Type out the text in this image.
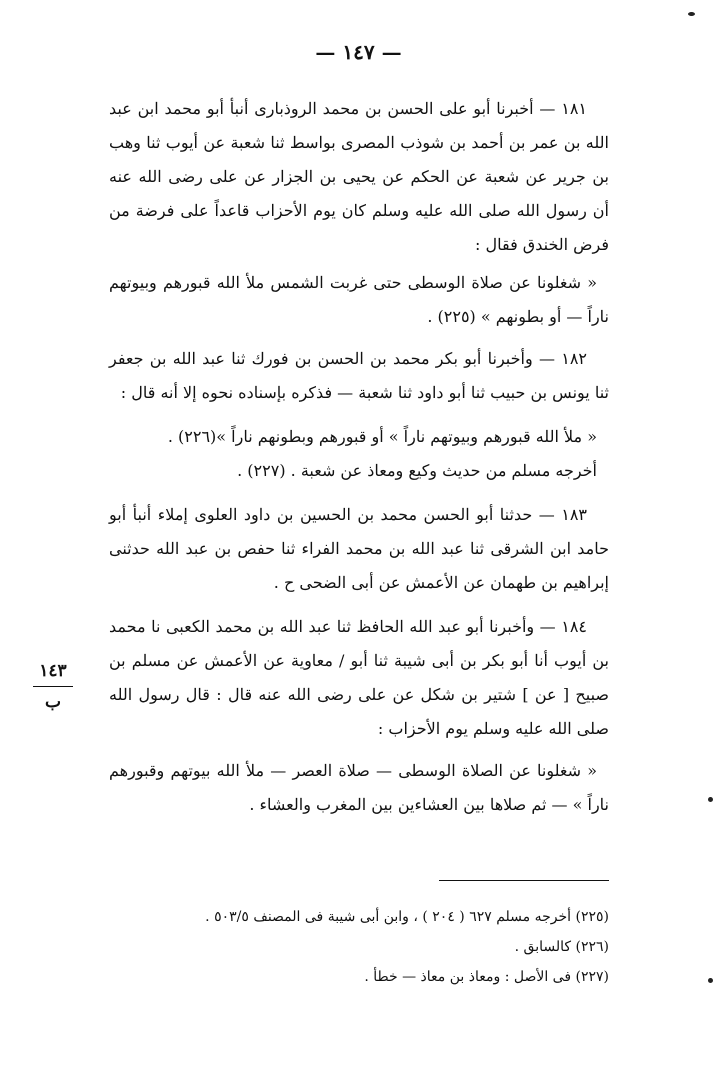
— ١٤٧ —

١٨١ — أخبرنا أبو على الحسن بن محمد الروذبارى أنبأ أبو محمد ابن عبد الله بن عمر بن أحمد بن شوذب المصرى بواسط ثنا شعبة عن أيوب ثنا وهب بن جرير عن شعبة عن الحكم عن يحيى بن الجزار عن على رضى الله عنه أن رسول الله صلى الله عليه وسلم كان يوم الأحزاب قاعداً على فرضة من فرض الخندق فقال :

« شغلونا عن صلاة الوسطى حتى غربت الشمس ملأ الله قبورهم وبيوتهم ناراً — أو بطونهم » (٢٢٥) .

١٨٢ — وأخبرنا أبو بكر محمد بن الحسن بن فورك ثنا عبد الله بن جعفر ثنا يونس بن حبيب ثنا أبو داود ثنا شعبة — فذكره بإسناده نحوه إلا أنه قال :

« ملأ الله قبورهم وبيوتهم ناراً » أو قبورهم وبطونهم ناراً »(٢٢٦) .

أخرجه مسلم من حديث وكيع ومعاذ عن شعبة . (٢٢٧) .

١٨٣ — حدثنا أبو الحسن محمد بن الحسين بن داود العلوى إملاء أنبأ أبو حامد ابن الشرقى ثنا عبد الله بن محمد الفراء ثنا حفص بن عبد الله حدثنى إبراهيم بن طهمان عن الأعمش عن أبى الضحى ح .

١٨٤ — وأخبرنا أبو عبد الله الحافظ ثنا عبد الله بن محمد الكعبى نا محمد بن أيوب أنا أبو بكر بن أبى شيبة ثنا أبو / معاوية عن الأعمش عن مسلم بن صبيح [ عن ] شتير بن شكل عن على رضى الله عنه قال : قال رسول الله صلى الله عليه وسلم يوم الأحزاب :

« شغلونا عن الصلاة الوسطى — صلاة العصر — ملأ الله بيوتهم وقبورهم ناراً » — ثم صلاها بين العشاءين بين المغرب والعشاء .

١٤٣
ب

(٢٢٥) أخرجه مسلم ٦٢٧ ( ٢٠٤ ) ، وابن أبى شيبة فى المصنف ٥٠٣/٥ .

(٢٢٦) كالسابق .

(٢٢٧) فى الأصل : ومعاذ بن معاذ — خطأ .
